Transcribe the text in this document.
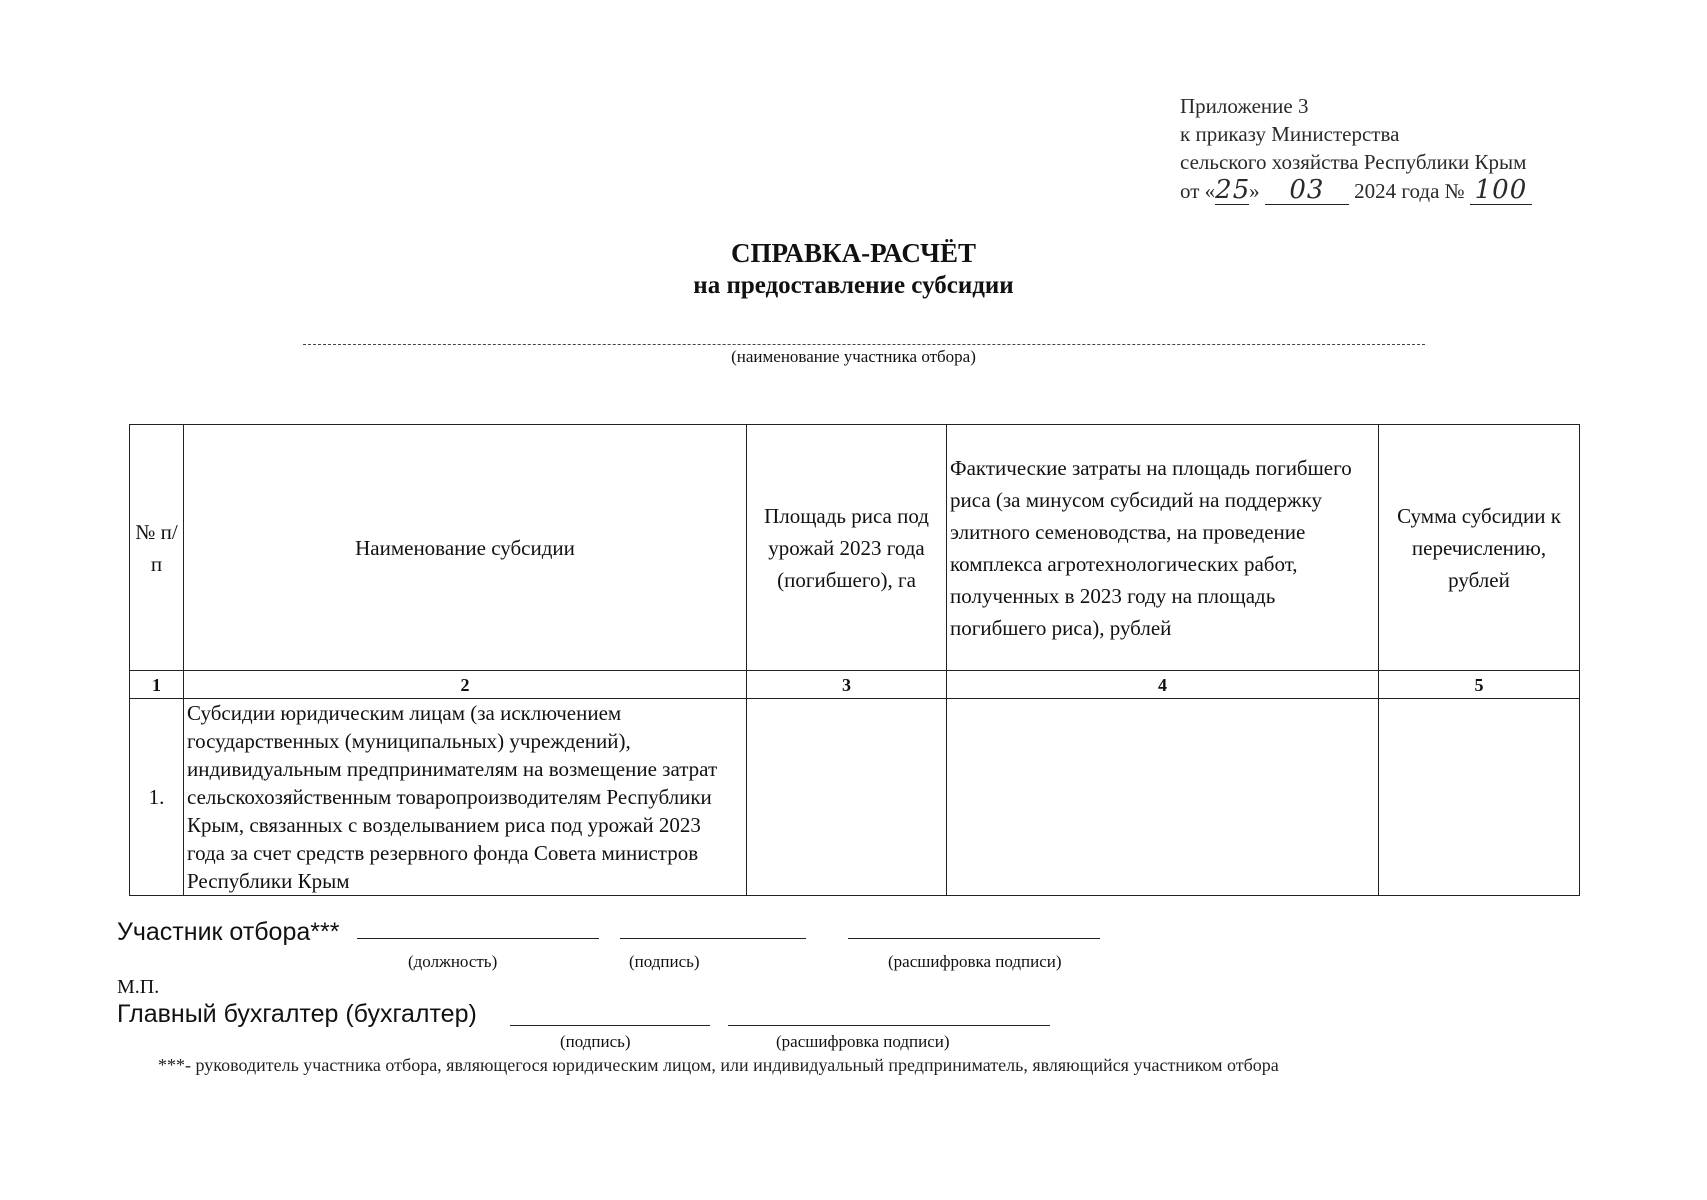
Приложение 3
к приказу Министерства
сельского хозяйства Республики Крым
от «25» 03 2024 года № 100
СПРАВКА-РАСЧЁТ
на предоставление субсидии
(наименование участника отбора)
№ п/п	Наименование субсидии	Площадь риса под урожай 2023 года (погибшего), га	Фактические затраты на площадь погибшего риса (за минусом субсидий на поддержку элитного семеноводства, на проведение комплекса агротехнологических работ, полученных в 2023 году на площадь погибшего риса), рублей	Сумма субсидии к перечислению, рублей
1	2	3	4	5
1.	Субсидии юридическим лицам (за исключением государственных (муниципальных) учреждений), индивидуальным предпринимателям на возмещение затрат сельскохозяйственным товаропроизводителям Республики Крым, связанных с возделыванием риса под урожай 2023 года за счет средств резервного фонда Совета министров Республики Крым			
Участник отбора***
(должность)	(подпись)	(расшифровка подписи)
М.П.
Главный бухгалтер (бухгалтер)
(подпись)	(расшифровка подписи)
***- руководитель участника отбора, являющегося юридическим лицом, или индивидуальный предприниматель, являющийся участником отбора
